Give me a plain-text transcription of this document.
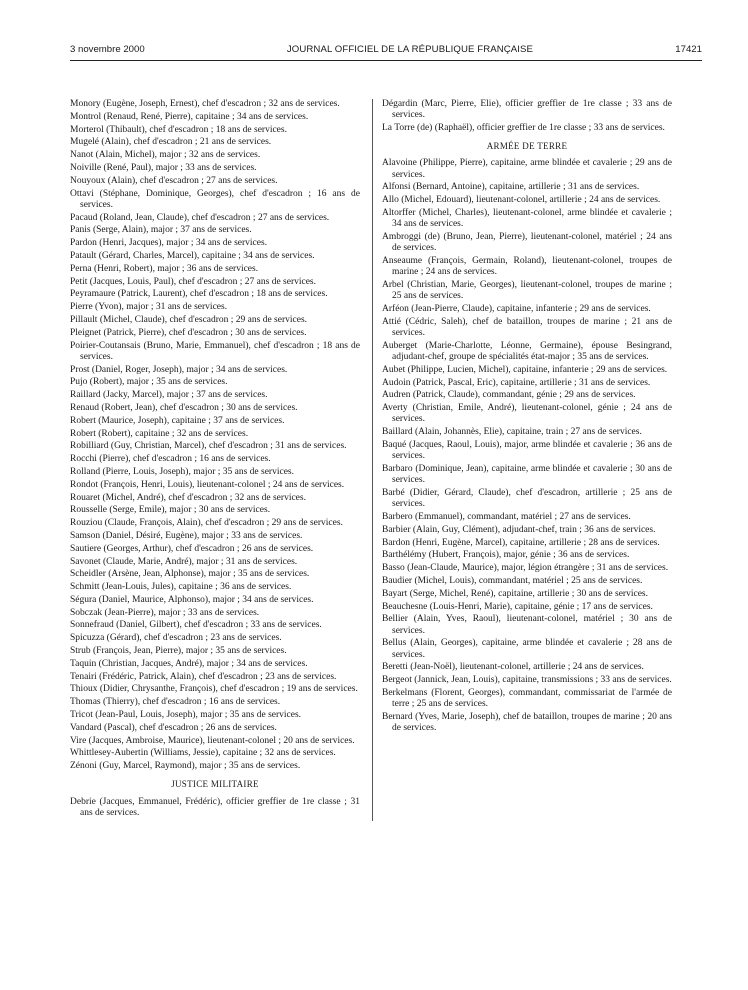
3 novembre 2000	JOURNAL OFFICIEL DE LA RÉPUBLIQUE FRANÇAISE	17421
Monory (Eugène, Joseph, Ernest), chef d'escadron ; 32 ans de services.
Montrol (Renaud, René, Pierre), capitaine ; 34 ans de services.
Morterol (Thibault), chef d'escadron ; 18 ans de services.
Mugelé (Alain), chef d'escadron ; 21 ans de services.
Nanot (Alain, Michel), major ; 32 ans de services.
Noiville (René, Paul), major ; 33 ans de services.
Nouyoux (Alain), chef d'escadron ; 27 ans de services.
Ottavi (Stéphane, Dominique, Georges), chef d'escadron ; 16 ans de services.
Pacaud (Roland, Jean, Claude), chef d'escadron ; 27 ans de services.
Panis (Serge, Alain), major ; 37 ans de services.
Pardon (Henri, Jacques), major ; 34 ans de services.
Patault (Gérard, Charles, Marcel), capitaine ; 34 ans de services.
Perna (Henri, Robert), major ; 36 ans de services.
Petit (Jacques, Louis, Paul), chef d'escadron ; 27 ans de services.
Peyramaure (Patrick, Laurent), chef d'escadron ; 18 ans de services.
Pierre (Yvon), major ; 31 ans de services.
Pillault (Michel, Claude), chef d'escadron ; 29 ans de services.
Pleignet (Patrick, Pierre), chef d'escadron ; 30 ans de services.
Poirier-Coutansais (Bruno, Marie, Emmanuel), chef d'escadron ; 18 ans de services.
Prost (Daniel, Roger, Joseph), major ; 34 ans de services.
Pujo (Robert), major ; 35 ans de services.
Raillard (Jacky, Marcel), major ; 37 ans de services.
Renaud (Robert, Jean), chef d'escadron ; 30 ans de services.
Robert (Maurice, Joseph), capitaine ; 37 ans de services.
Robert (Robert), capitaine ; 32 ans de services.
Robilliard (Guy, Christian, Marcel), chef d'escadron ; 31 ans de services.
Rocchi (Pierre), chef d'escadron ; 16 ans de services.
Rolland (Pierre, Louis, Joseph), major ; 35 ans de services.
Rondot (François, Henri, Louis), lieutenant-colonel ; 24 ans de services.
Rouaret (Michel, André), chef d'escadron ; 32 ans de services.
Rousselle (Serge, Emile), major ; 30 ans de services.
Rouziou (Claude, François, Alain), chef d'escadron ; 29 ans de services.
Samson (Daniel, Désiré, Eugène), major ; 33 ans de services.
Sautiere (Georges, Arthur), chef d'escadron ; 26 ans de services.
Savonet (Claude, Marie, André), major ; 31 ans de services.
Scheidler (Arsène, Jean, Alphonse), major ; 35 ans de services.
Schmitt (Jean-Louis, Jules), capitaine ; 36 ans de services.
Ségura (Daniel, Maurice, Alphonso), major ; 34 ans de services.
Sobczak (Jean-Pierre), major ; 33 ans de services.
Sonnefraud (Daniel, Gilbert), chef d'escadron ; 33 ans de services.
Spicuzza (Gérard), chef d'escadron ; 23 ans de services.
Strub (François, Jean, Pierre), major ; 35 ans de services.
Taquin (Christian, Jacques, André), major ; 34 ans de services.
Tenairi (Frédéric, Patrick, Alain), chef d'escadron ; 23 ans de services.
Thioux (Didier, Chrysanthe, François), chef d'escadron ; 19 ans de services.
Thomas (Thierry), chef d'escadron ; 16 ans de services.
Tricot (Jean-Paul, Louis, Joseph), major ; 35 ans de services.
Vandard (Pascal), chef d'escadron ; 26 ans de services.
Vire (Jacques, Ambroise, Maurice), lieutenant-colonel ; 20 ans de services.
Whittlesey-Aubertin (Williams, Jessie), capitaine ; 32 ans de services.
Zénoni (Guy, Marcel, Raymond), major ; 35 ans de services.
JUSTICE MILITAIRE
Debrie (Jacques, Emmanuel, Frédéric), officier greffier de 1re classe ; 31 ans de services.
Dégardin (Marc, Pierre, Elie), officier greffier de 1re classe ; 33 ans de services.
La Torre (de) (Raphaël), officier greffier de 1re classe ; 33 ans de services.
ARMÉE DE TERRE
Alavoine (Philippe, Pierre), capitaine, arme blindée et cavalerie ; 29 ans de services.
Alfonsi (Bernard, Antoine), capitaine, artillerie ; 31 ans de services.
Allo (Michel, Edouard), lieutenant-colonel, artillerie ; 24 ans de services.
Altorffer (Michel, Charles), lieutenant-colonel, arme blindée et cavalerie ; 34 ans de services.
Ambroggi (de) (Bruno, Jean, Pierre), lieutenant-colonel, matériel ; 24 ans de services.
Anseaume (François, Germain, Roland), lieutenant-colonel, troupes de marine ; 24 ans de services.
Arbel (Christian, Marie, Georges), lieutenant-colonel, troupes de marine ; 25 ans de services.
Arféon (Jean-Pierre, Claude), capitaine, infanterie ; 29 ans de services.
Attié (Cédric, Saleh), chef de bataillon, troupes de marine ; 21 ans de services.
Auberget (Marie-Charlotte, Léonne, Germaine), épouse Besingrand, adjudant-chef, groupe de spécialités état-major ; 35 ans de services.
Aubet (Philippe, Lucien, Michel), capitaine, infanterie ; 29 ans de services.
Audoin (Patrick, Pascal, Eric), capitaine, artillerie ; 31 ans de services.
Audren (Patrick, Claude), commandant, génie ; 29 ans de services.
Averty (Christian, Emile, André), lieutenant-colonel, génie ; 24 ans de services.
Baillard (Alain, Johannès, Elie), capitaine, train ; 27 ans de services.
Baqué (Jacques, Raoul, Louis), major, arme blindée et cavalerie ; 36 ans de services.
Barbaro (Dominique, Jean), capitaine, arme blindée et cavalerie ; 30 ans de services.
Barbé (Didier, Gérard, Claude), chef d'escadron, artillerie ; 25 ans de services.
Barbero (Emmanuel), commandant, matériel ; 27 ans de services.
Barbier (Alain, Guy, Clément), adjudant-chef, train ; 36 ans de services.
Bardon (Henri, Eugène, Marcel), capitaine, artillerie ; 28 ans de services.
Barthélémy (Hubert, François), major, génie ; 36 ans de services.
Basso (Jean-Claude, Maurice), major, légion étrangère ; 31 ans de services.
Baudier (Michel, Louis), commandant, matériel ; 25 ans de services.
Bayart (Serge, Michel, René), capitaine, artillerie ; 30 ans de services.
Beauchesne (Louis-Henri, Marie), capitaine, génie ; 17 ans de services.
Bellier (Alain, Yves, Raoul), lieutenant-colonel, matériel ; 30 ans de services.
Bellus (Alain, Georges), capitaine, arme blindée et cavalerie ; 28 ans de services.
Beretti (Jean-Noël), lieutenant-colonel, artillerie ; 24 ans de services.
Bergeot (Jannick, Jean, Louis), capitaine, transmissions ; 33 ans de services.
Berkelmans (Florent, Georges), commandant, commissariat de l'armée de terre ; 25 ans de services.
Bernard (Yves, Marie, Joseph), chef de bataillon, troupes de marine ; 20 ans de services.
